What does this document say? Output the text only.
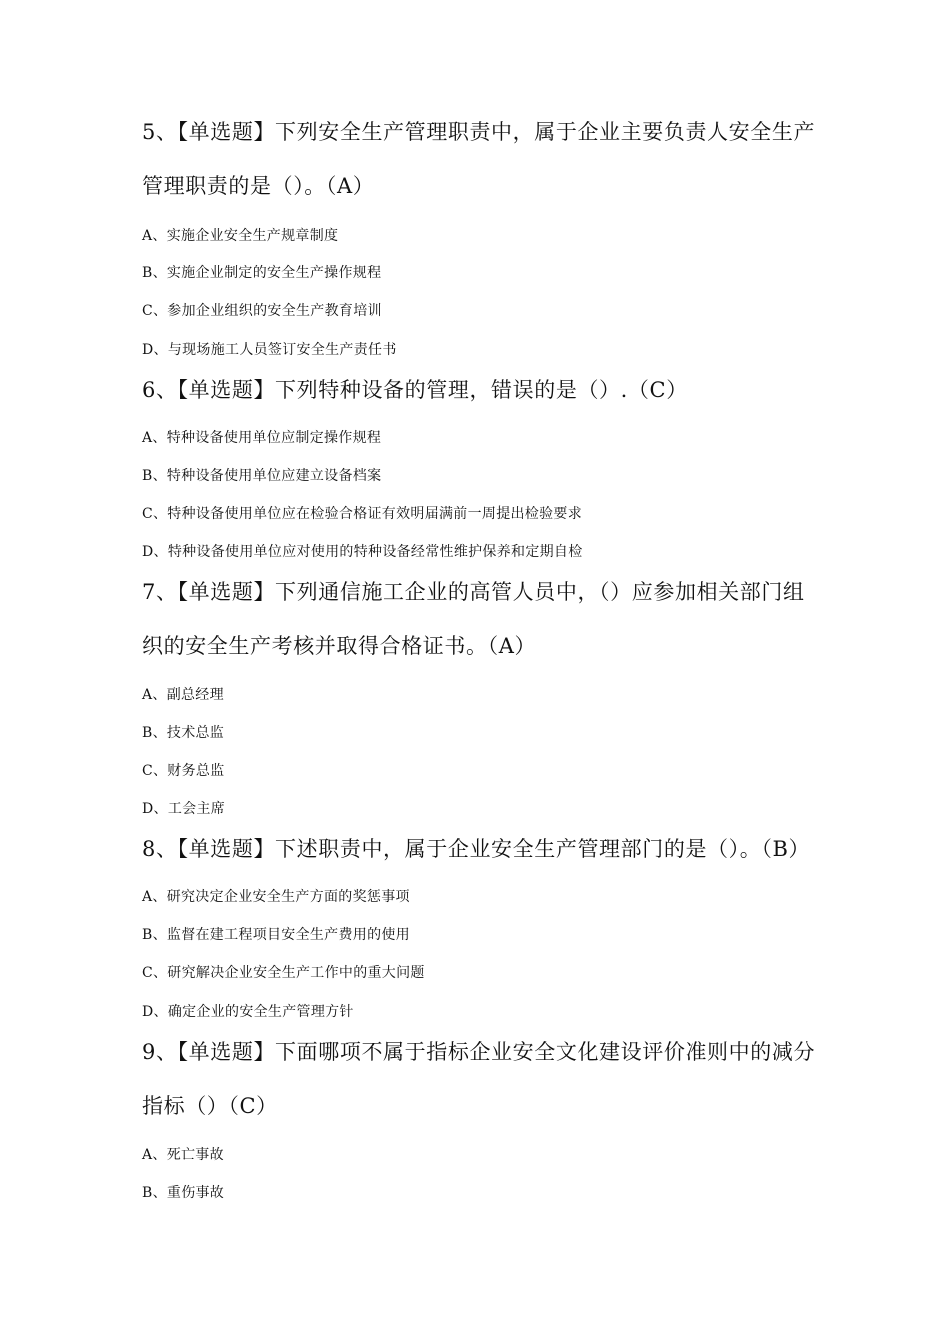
5、【单选题】下列安全生产管理职责中，属于企业主要负责人安全生产
管理职责的是（）。（A）
A、实施企业安全生产规章制度
B、实施企业制定的安全生产操作规程
C、参加企业组织的安全生产教育培训
D、与现场施工人员签订安全生产责任书
6、【单选题】下列特种设备的管理，错误的是（）.（C）
A、特种设备使用单位应制定操作规程
B、特种设备使用单位应建立设备档案
C、特种设备使用单位应在检验合格证有效明届满前一周提出检验要求
D、特种设备使用单位应对使用的特种设备经常性维护保养和定期自检
7、【单选题】下列通信施工企业的高管人员中，（）应参加相关部门组
织的安全生产考核并取得合格证书。（A）
A、副总经理
B、技术总监
C、财务总监
D、工会主席
8、【单选题】下述职责中，属于企业安全生产管理部门的是（）。（B）
A、研究决定企业安全生产方面的奖惩事项
B、监督在建工程项目安全生产费用的使用
C、研究解决企业安全生产工作中的重大问题
D、确定企业的安全生产管理方针
9、【单选题】下面哪项不属于指标企业安全文化建设评价准则中的减分
指标（）（C）
A、死亡事故
B、重伤事故
